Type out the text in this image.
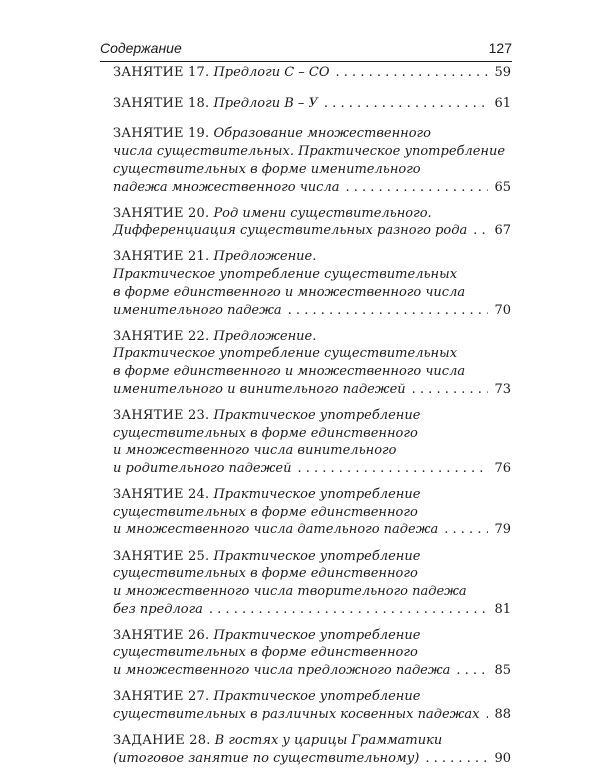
Содержание	127
ЗАНЯТИЕ 17.
Предлоги С – СО . . .	59
ЗАНЯТИЕ 18.
Предлоги В – У . . .	61
ЗАНЯТИЕ 19.
Образование множественного
числа существительных. Практическое употребление
существительных в форме именительного
падежа множественного числа . . .	65
ЗАНЯТИЕ 20.
Род имени существительного.
Дифференциация существительных разного рода . . . 67
ЗАНЯТИЕ 21.
Предложение.
Практическое употребление существительных
в форме единственного и множественного числа
именительного падежа . . .	70
ЗАНЯТИЕ 22.
Предложение.
Практическое употребление существительных
в форме единственного и множественного числа
именительного и винительного падежей . . .	73
ЗАНЯТИЕ 23.
Практическое употребление
существительных в форме единственного
и множественного числа винительного
и родительного падежей . . .	76
ЗАНЯТИЕ 24.
Практическое употребление
существительных в форме единственного
и множественного числа дательного падежа . . .	79
ЗАНЯТИЕ 25.
Практическое употребление
существительных в форме единственного
и множественного числа творительного падежа
без предлога . . .	81
ЗАНЯТИЕ 26.
Практическое употребление
существительных в форме единственного
и множественного числа предложного падежа . . .	85
ЗАНЯТИЕ 27.
Практическое употребление
существительных в различных косвенных падежах . . . 88
ЗАДАНИЕ 28.
В гостях у царицы Грамматики
(итоговое занятие по существительному) . . .	90
